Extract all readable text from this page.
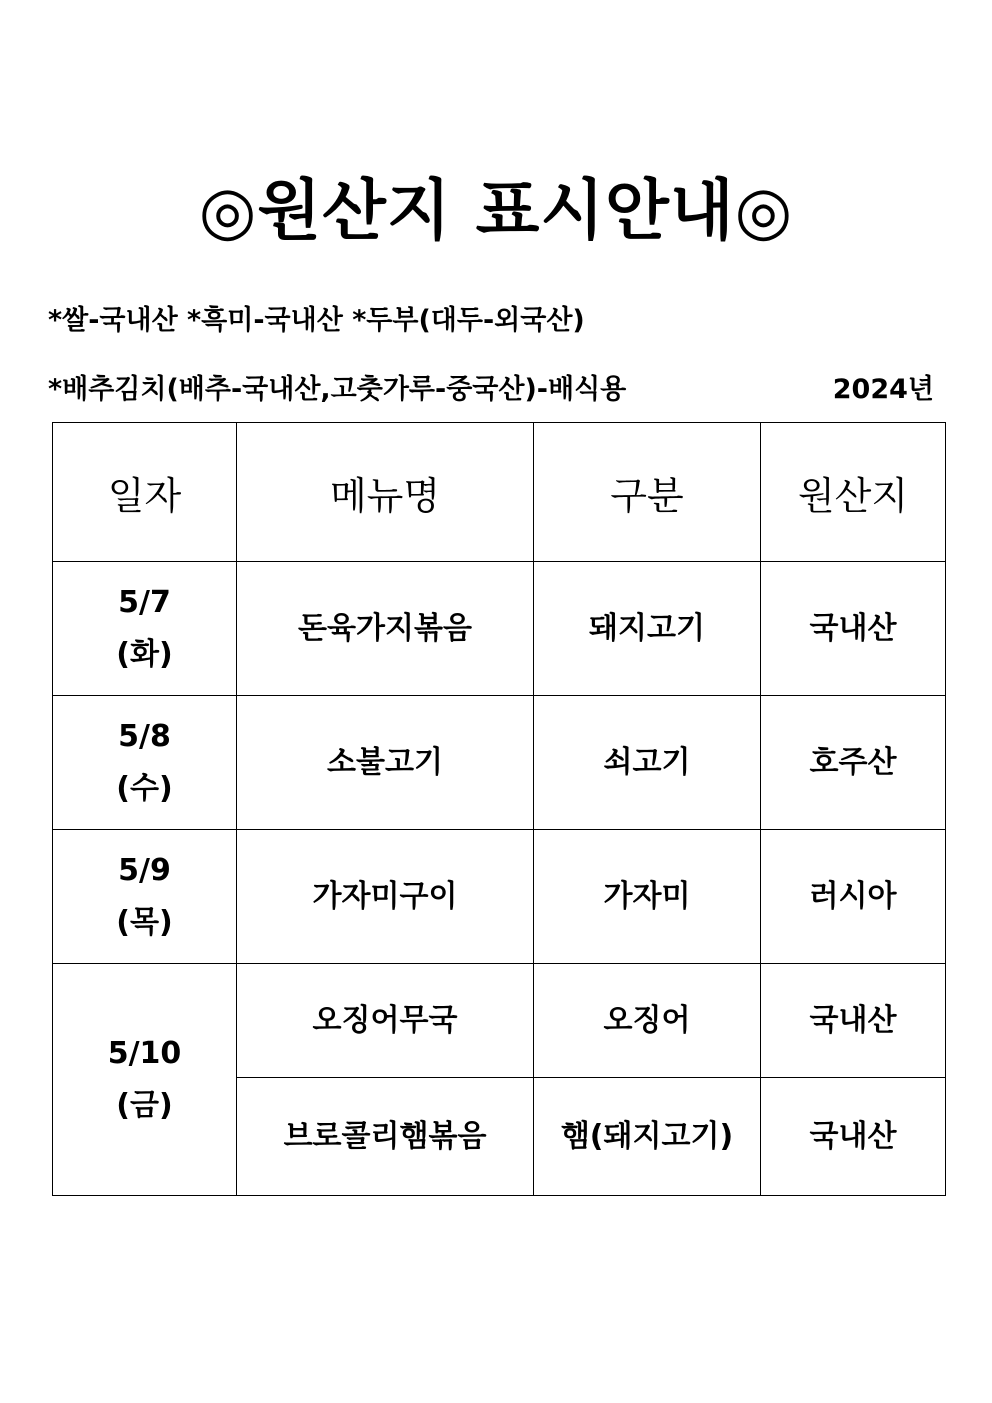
◎원산지 표시안내◎
*쌀-국내산 *흑미-국내산 *두부(대두-외국산)
*배추김치(배추-국내산,고춧가루-중국산)-배식용	2024년
일자	메뉴명	구분	원산지

5/7
(화)	돈육가지볶음	돼지고기	국내산

5/8
(수)	소불고기	쇠고기	호주산

5/9
(목)	가자미구이	가자미	러시아

5/10
(금)	오징어무국	오징어	국내산
	브로콜리햄볶음	햄(돼지고기)	국내산
